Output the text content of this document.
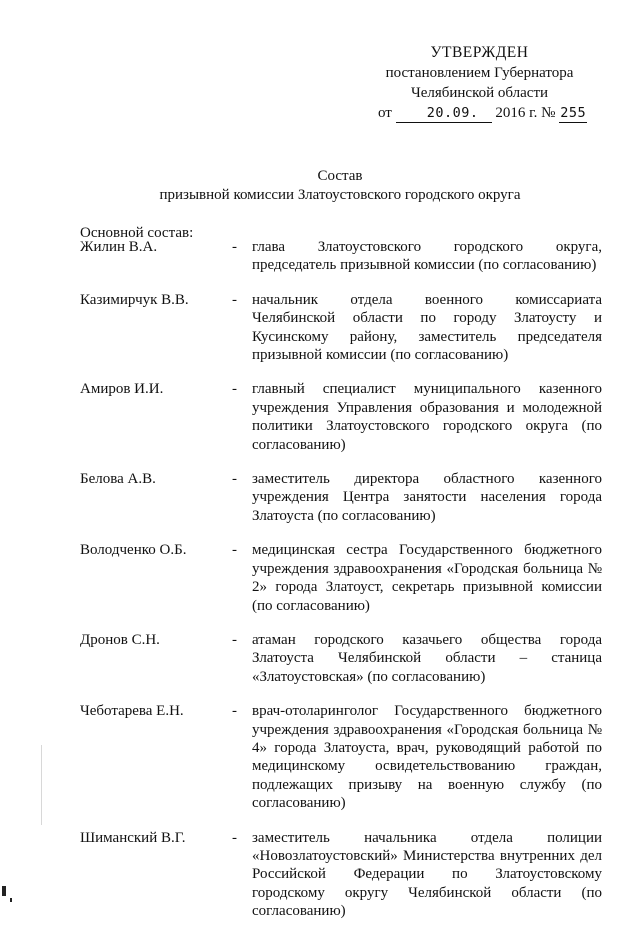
УТВЕРЖДЕН
постановлением Губернатора
Челябинской области
от	20.09. 2016 г. № 255
Состав
призывной комиссии Златоустовского городского округа
Основной состав:
Жилин В.А.	-	глава Златоустовского городского округа, председатель призывной комиссии (по согласованию)
Казимирчук В.В.	-	начальник отдела военного комиссариата Челябинской области по городу Златоусту и Кусинскому району, заместитель председателя призывной комиссии (по согласованию)
Амиров И.И.	-	главный специалист муниципального казенного учреждения Управления образования и молодежной политики Златоустовского городского округа (по согласованию)
Белова А.В.	-	заместитель директора областного казенного учреждения Центра занятости населения города Златоуста (по согласованию)
Володченко О.Б.	-	медицинская сестра Государственного бюджетного учреждения здравоохранения «Городская больница № 2» города Златоуст, секретарь призывной комиссии (по согласованию)
Дронов С.Н.	-	атаман городского казачьего общества города Златоуста Челябинской области – станица «Златоустовская» (по согласованию)
Чеботарева Е.Н.	-	врач-отоларинголог Государственного бюджетного учреждения здравоохранения «Городская больница № 4» города Златоуста, врач, руководящий работой по медицинскому освидетельствованию граждан, подлежащих призыву на военную службу (по согласованию)
Шиманский В.Г.	-	заместитель начальника отдела полиции «Новозлатоустовский» Министерства внутренних дел Российской Федерации по Златоустовскому городскому округу Челябинской области (по согласованию)
